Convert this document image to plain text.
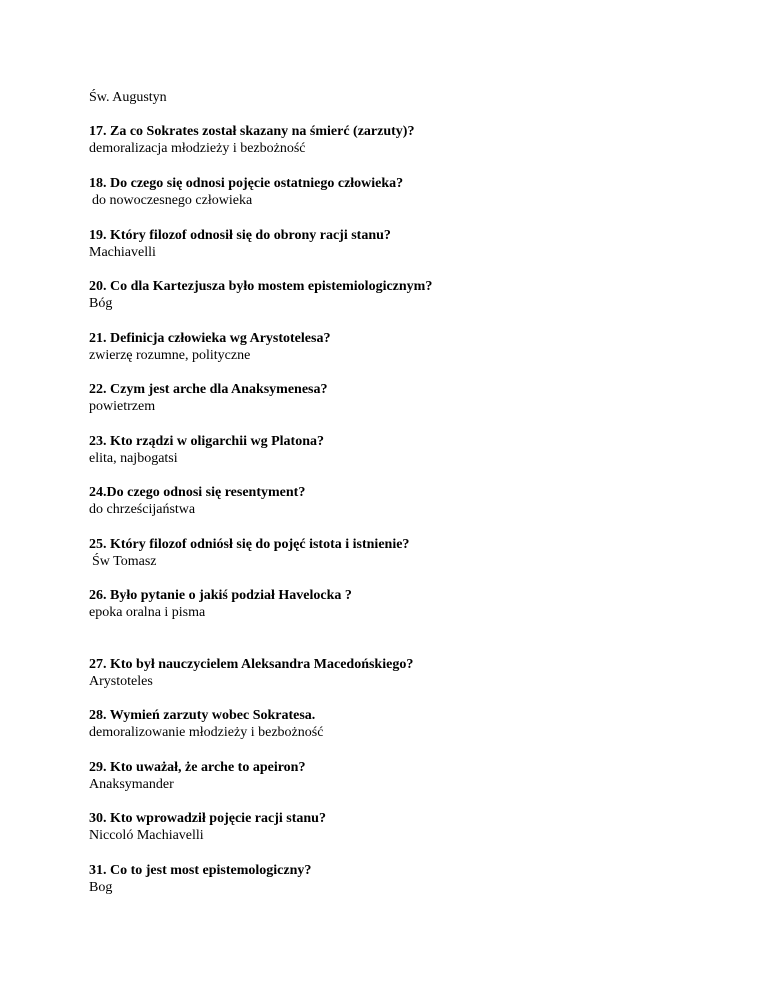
Św. Augustyn
17. Za co Sokrates został skazany na śmierć (zarzuty)?
demoralizacja młodzieży i bezbożność
18. Do czego się odnosi pojęcie ostatniego człowieka?
do nowoczesnego człowieka
19. Który filozof odnosił się do obrony racji stanu?
Machiavelli
20. Co dla Kartezjusza było mostem epistemiologicznym?
Bóg
21. Definicja człowieka wg Arystotelesa?
zwierzę rozumne, polityczne
22. Czym jest arche dla Anaksymenesa?
powietrzem
23. Kto rządzi w oligarchii wg Platona?
elita, najbogatsi
24.Do czego odnosi się resentyment?
do chrześcijaństwa
25. Który filozof odniósł się do pojęć istota i istnienie?
Św Tomasz
26. Było pytanie o jakiś podział Havelocka ?
epoka oralna i pisma
27. Kto był nauczycielem Aleksandra Macedońskiego?
Arystoteles
28. Wymień zarzuty wobec Sokratesa.
demoralizowanie młodzieży i bezbożność
29. Kto uważał, że arche to apeiron?
Anaksymander
30. Kto wprowadził pojęcie racji stanu?
Niccoló Machiavelli
31. Co to jest most epistemologiczny?
Bog
